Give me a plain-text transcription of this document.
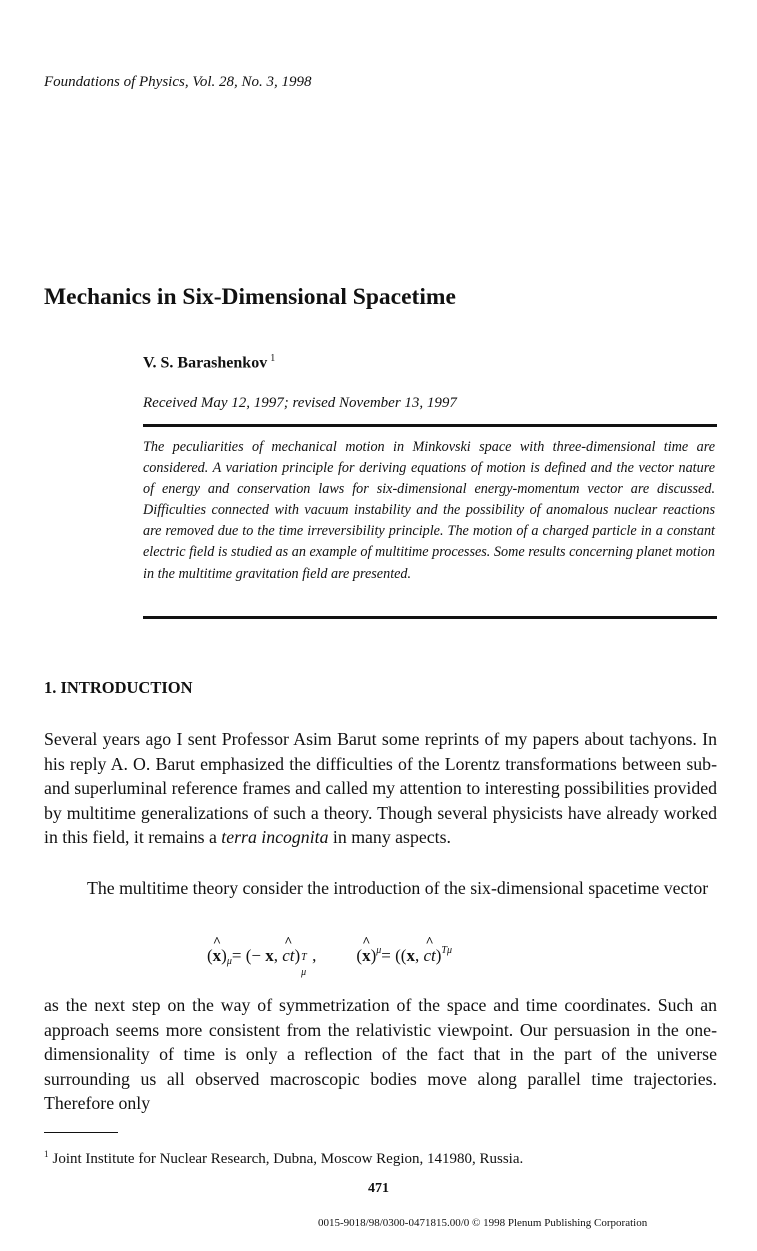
Foundations of Physics, Vol. 28, No. 3, 1998
Mechanics in Six-Dimensional Spacetime
V. S. Barashenkov $^1$
Received May 12, 1997; revised November 13, 1997

The peculiarities of mechanical motion in Minkovski space with three-dimensional time are considered. A variation principle for deriving equations of motion is defined and the vector nature of energy and conservation laws for six-dimensional energy-momentum vector are discussed. Difficulties connected with vacuum instability and the possibility of anomalous nuclear reactions are removed due to the time irreversibility principle. The motion of a charged particle in a constant electric field is studied as an example of multitime processes. Some results concerning planet motion in the multitime gravitation field are presented.

1. INTRODUCTION

Several years ago I sent Professor Asim Barut some reprints of my papers about tachyons. In his reply A. O. Barut emphasized the difficulties of the Lorentz transformations between sub- and superluminal reference frames and called my attention to interesting possibilities provided by multitime generalizations of such a theory. Though several physicists have already worked in this field, it remains a terra incognita in many aspects.

The multitime theory consider the introduction of the six-dimensional spacetime vector

(^ x)μ= (− x, ^ ct) T
μ
, (^ x)$^\mu$= ((x, ^ ct)$^{T\mu}$

as the next step on the way of symmetrization of the space and time coordinates. Such an approach seems more consistent from the relativistic viewpoint. Our persuasion in the one-dimensionality of time is only a reflection of the fact that in the part of the universe surrounding us all observed macroscopic bodies move along parallel time trajectories. Therefore only

$^1$ Joint Institute for Nuclear Research, Dubna, Moscow Region, 141980, Russia.
471
0015-9018/98/0300-0471815.00/0 © 1998 Plenum Publishing Corporation
